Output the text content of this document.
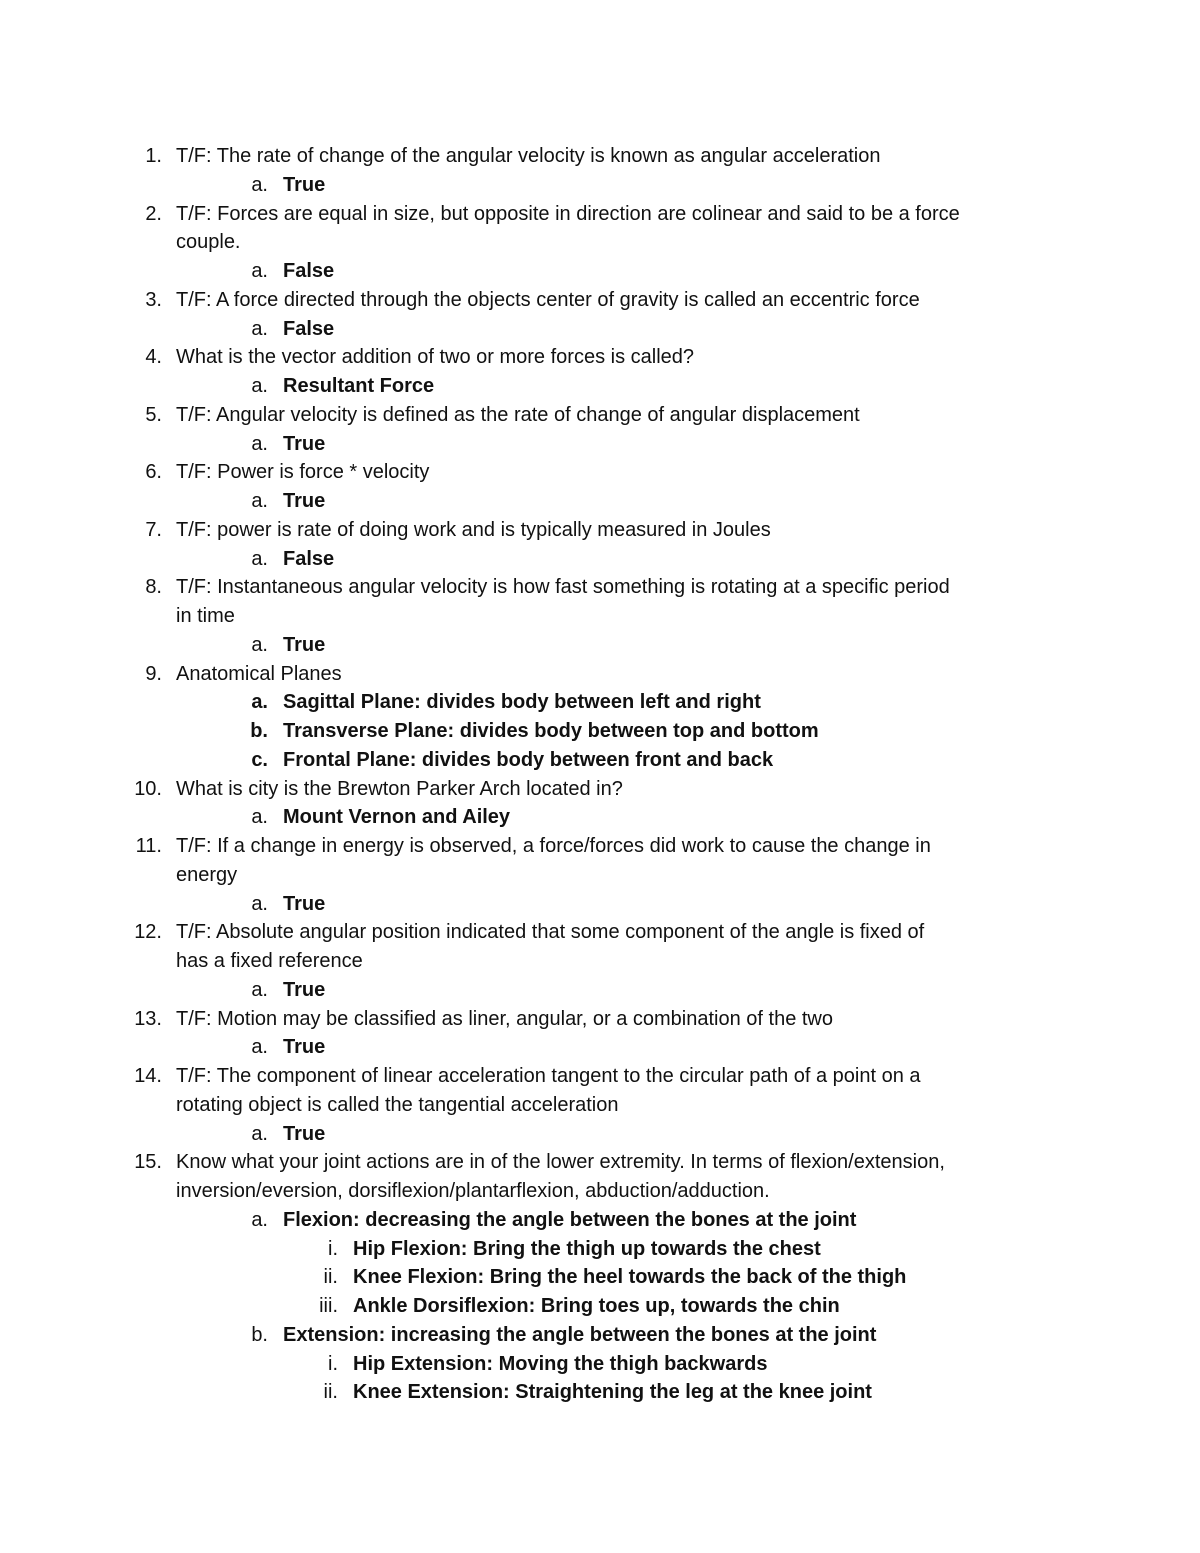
1. T/F: The rate of change of the angular velocity is known as angular acceleration
a. True
2. T/F: Forces are equal in size, but opposite in direction are colinear and said to be a force
couple.
a. False
3. T/F: A force directed through the objects center of gravity is called an eccentric force
a. False
4. What is the vector addition of two or more forces is called?
a. Resultant Force
5. T/F: Angular velocity is defined as the rate of change of angular displacement
a. True
6. T/F: Power is force * velocity
a. True
7. T/F: power is rate of doing work and is typically measured in Joules
a. False
8. T/F: Instantaneous angular velocity is how fast something is rotating at a specific period
in time
a. True
9. Anatomical Planes
a. Sagittal Plane: divides body between left and right
b. Transverse Plane: divides body between top and bottom
c. Frontal Plane: divides body between front and back
10. What is city is the Brewton Parker Arch located in?
a. Mount Vernon and Ailey
11. T/F: If a change in energy is observed, a force/forces did work to cause the change in
energy
a. True
12. T/F: Absolute angular position indicated that some component of the angle is fixed of
has a fixed reference
a. True
13. T/F: Motion may be classified as liner, angular, or a combination of the two
a. True
14. T/F: The component of linear acceleration tangent to the circular path of a point on a
rotating object is called the tangential acceleration
a. True
15. Know what your joint actions are in of the lower extremity. In terms of flexion/extension,
inversion/eversion, dorsiflexion/plantarflexion, abduction/adduction.
a. Flexion: decreasing the angle between the bones at the joint
i. Hip Flexion: Bring the thigh up towards the chest
ii. Knee Flexion: Bring the heel towards the back of the thigh
iii. Ankle Dorsiflexion: Bring toes up, towards the chin
b. Extension: increasing the angle between the bones at the joint
i. Hip Extension: Moving the thigh backwards
ii. Knee Extension: Straightening the leg at the knee joint
